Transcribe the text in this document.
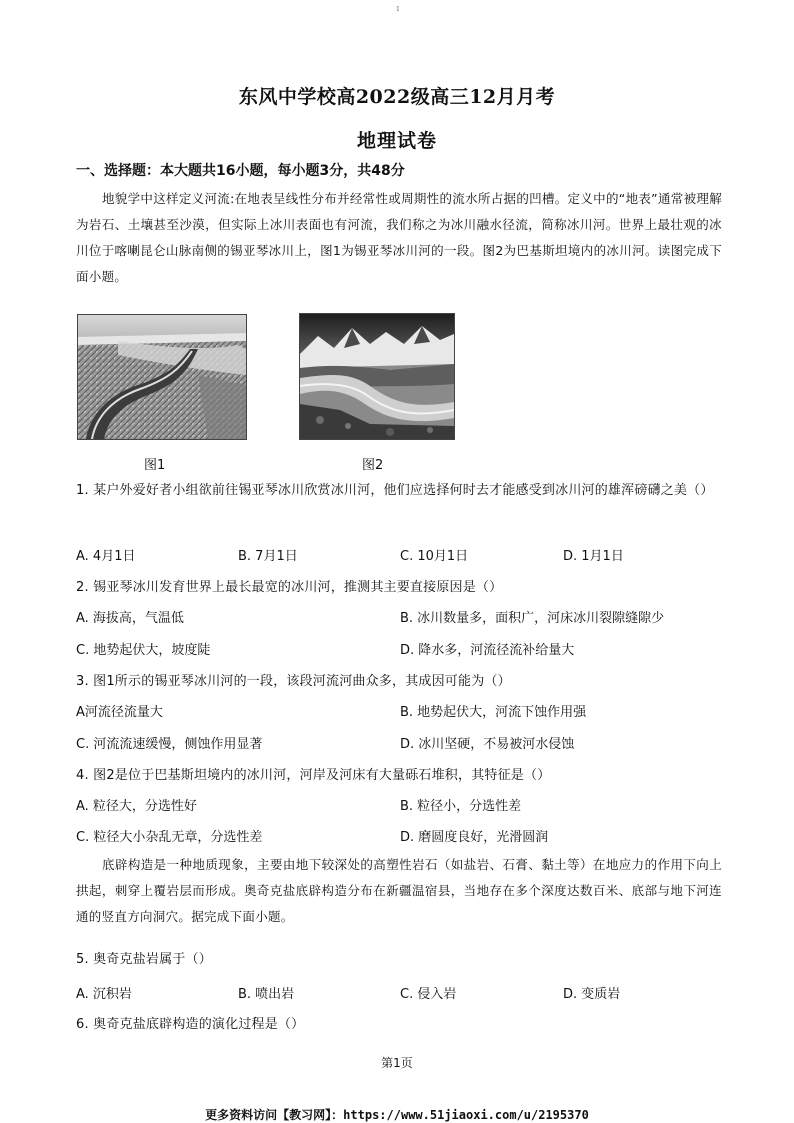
1
东风中学校高2022级高三12月月考
地理试卷
一、选择题：本大题共16小题，每小题3分，共48分
地貌学中这样定义河流:在地表呈线性分布并经常性或周期性的流水所占据的凹槽。定义中的“地表”通常被理解为岩石、土壤甚至沙漠，但实际上冰川表面也有河流，我们称之为冰川融水径流，简称冰川河。世界上最壮观的冰川位于喀喇昆仑山脉南侧的锡亚琴冰川上，图1为锡亚琴冰川河的一段。图2为巴基斯坦境内的冰川河。读图完成下面小题。
图1	图2
1. 某户外爱好者小组欲前往锡亚琴冰川欣赏冰川河，他们应选择何时去才能感受到冰川河的雄浑磅礴之美（）
A. 4月1日	B. 7月1日	C. 10月1日	D. 1月1日
2. 锡亚琴冰川发育世界上最长最宽的冰川河，推测其主要直接原因是（）
A. 海拔高，气温低	B. 冰川数量多，面积广，河床冰川裂隙缝隙少
C. 地势起伏大，坡度陡	D. 降水多，河流径流补给量大
3. 图1所示的锡亚琴冰川河的一段，该段河流河曲众多，其成因可能为（）
A河流径流量大	B. 地势起伏大，河流下蚀作用强
C. 河流流速缓慢，侧蚀作用显著	D. 冰川坚硬，不易被河水侵蚀
4. 图2是位于巴基斯坦境内的冰川河，河岸及河床有大量砾石堆积，其特征是（）
A. 粒径大，分选性好	B. 粒径小，分选性差
C. 粒径大小杂乱无章，分选性差	D. 磨圆度良好，光滑圆润
底辟构造是一种地质现象，主要由地下较深处的高塑性岩石（如盐岩、石膏、黏土等）在地应力的作用下向上拱起，刺穿上覆岩层而形成。奥奇克盐底辟构造分布在新疆温宿县，当地存在多个深度达数百米、底部与地下河连通的竖直方向洞穴。据完成下面小题。
5. 奥奇克盐岩属于（）
A. 沉积岩	B. 喷出岩	C. 侵入岩	D. 变质岩
6. 奥奇克盐底辟构造的演化过程是（）
第1页
更多资料访问【教习网】：https://www.51jiaoxi.com/u/2195370
